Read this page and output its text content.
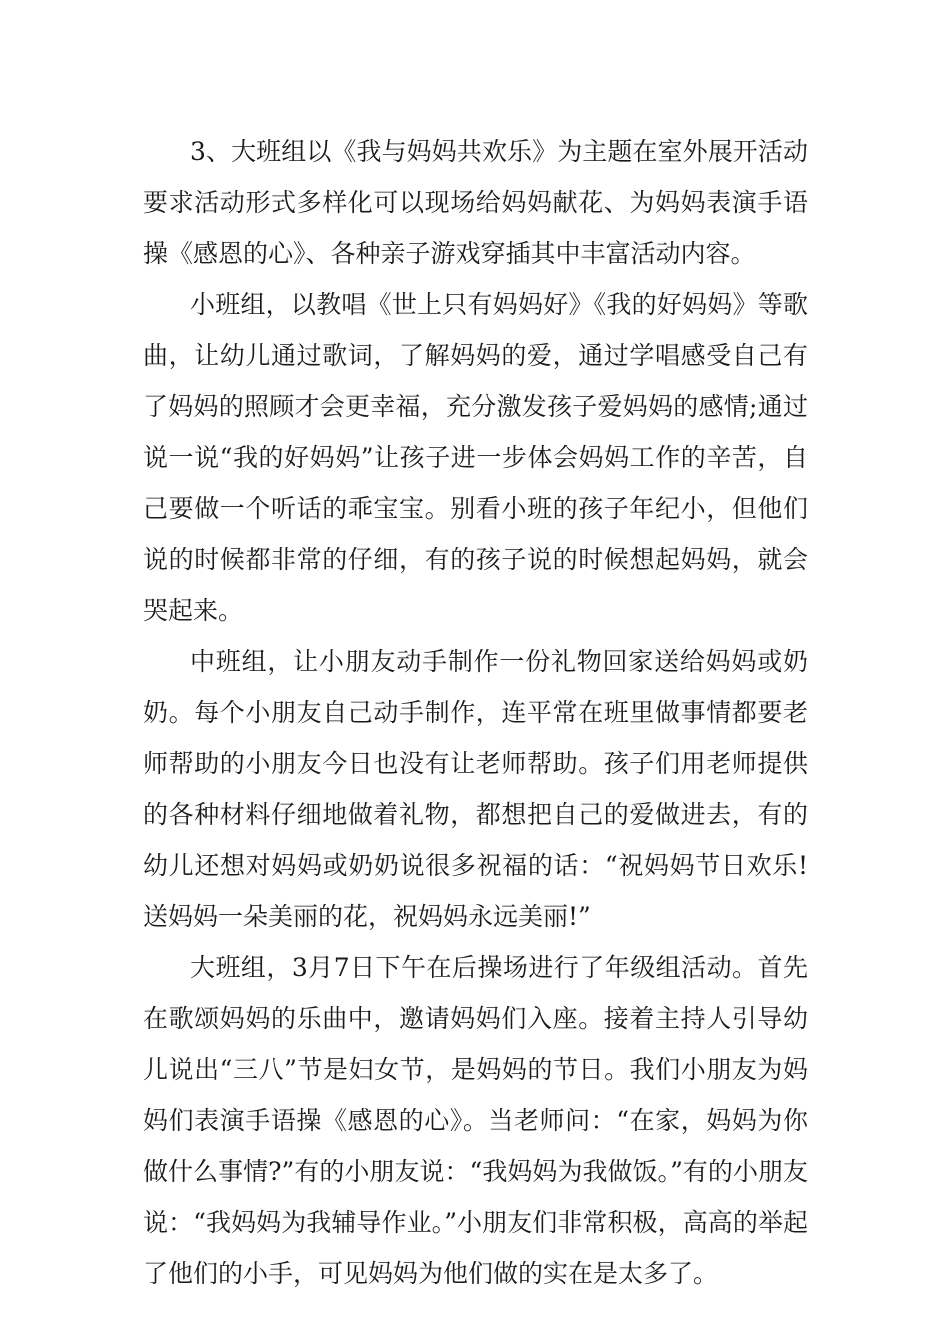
3、大班组以《我与妈妈共欢乐》为主题在室外展开活动要求活动形式多样化可以现场给妈妈献花、为妈妈表演手语操《感恩的心》、各种亲子游戏穿插其中丰富活动内容。

小班组，以教唱《世上只有妈妈好》《我的好妈妈》等歌曲，让幼儿通过歌词，了解妈妈的爱，通过学唱感受自己有了妈妈的照顾才会更幸福，充分激发孩子爱妈妈的感情;通过说一说“我的好妈妈”让孩子进一步体会妈妈工作的辛苦，自己要做一个听话的乖宝宝。别看小班的孩子年纪小，但他们说的时候都非常的仔细，有的孩子说的时候想起妈妈，就会哭起来。

中班组，让小朋友动手制作一份礼物回家送给妈妈或奶奶。每个小朋友自己动手制作，连平常在班里做事情都要老师帮助的小朋友今日也没有让老师帮助。孩子们用老师提供的各种材料仔细地做着礼物，都想把自己的爱做进去，有的幼儿还想对妈妈或奶奶说很多祝福的话：“祝妈妈节日欢乐!送妈妈一朵美丽的花，祝妈妈永远美丽!”

大班组，3月7日下午在后操场进行了年级组活动。首先在歌颂妈妈的乐曲中，邀请妈妈们入座。接着主持人引导幼儿说出“三八”节是妇女节，是妈妈的节日。我们小朋友为妈妈们表演手语操《感恩的心》。当老师问：“在家，妈妈为你做什么事情?”有的小朋友说：“我妈妈为我做饭。”有的小朋友说：“我妈妈为我辅导作业。”小朋友们非常积极，高高的举起了他们的小手，可见妈妈为他们做的实在是太多了。
